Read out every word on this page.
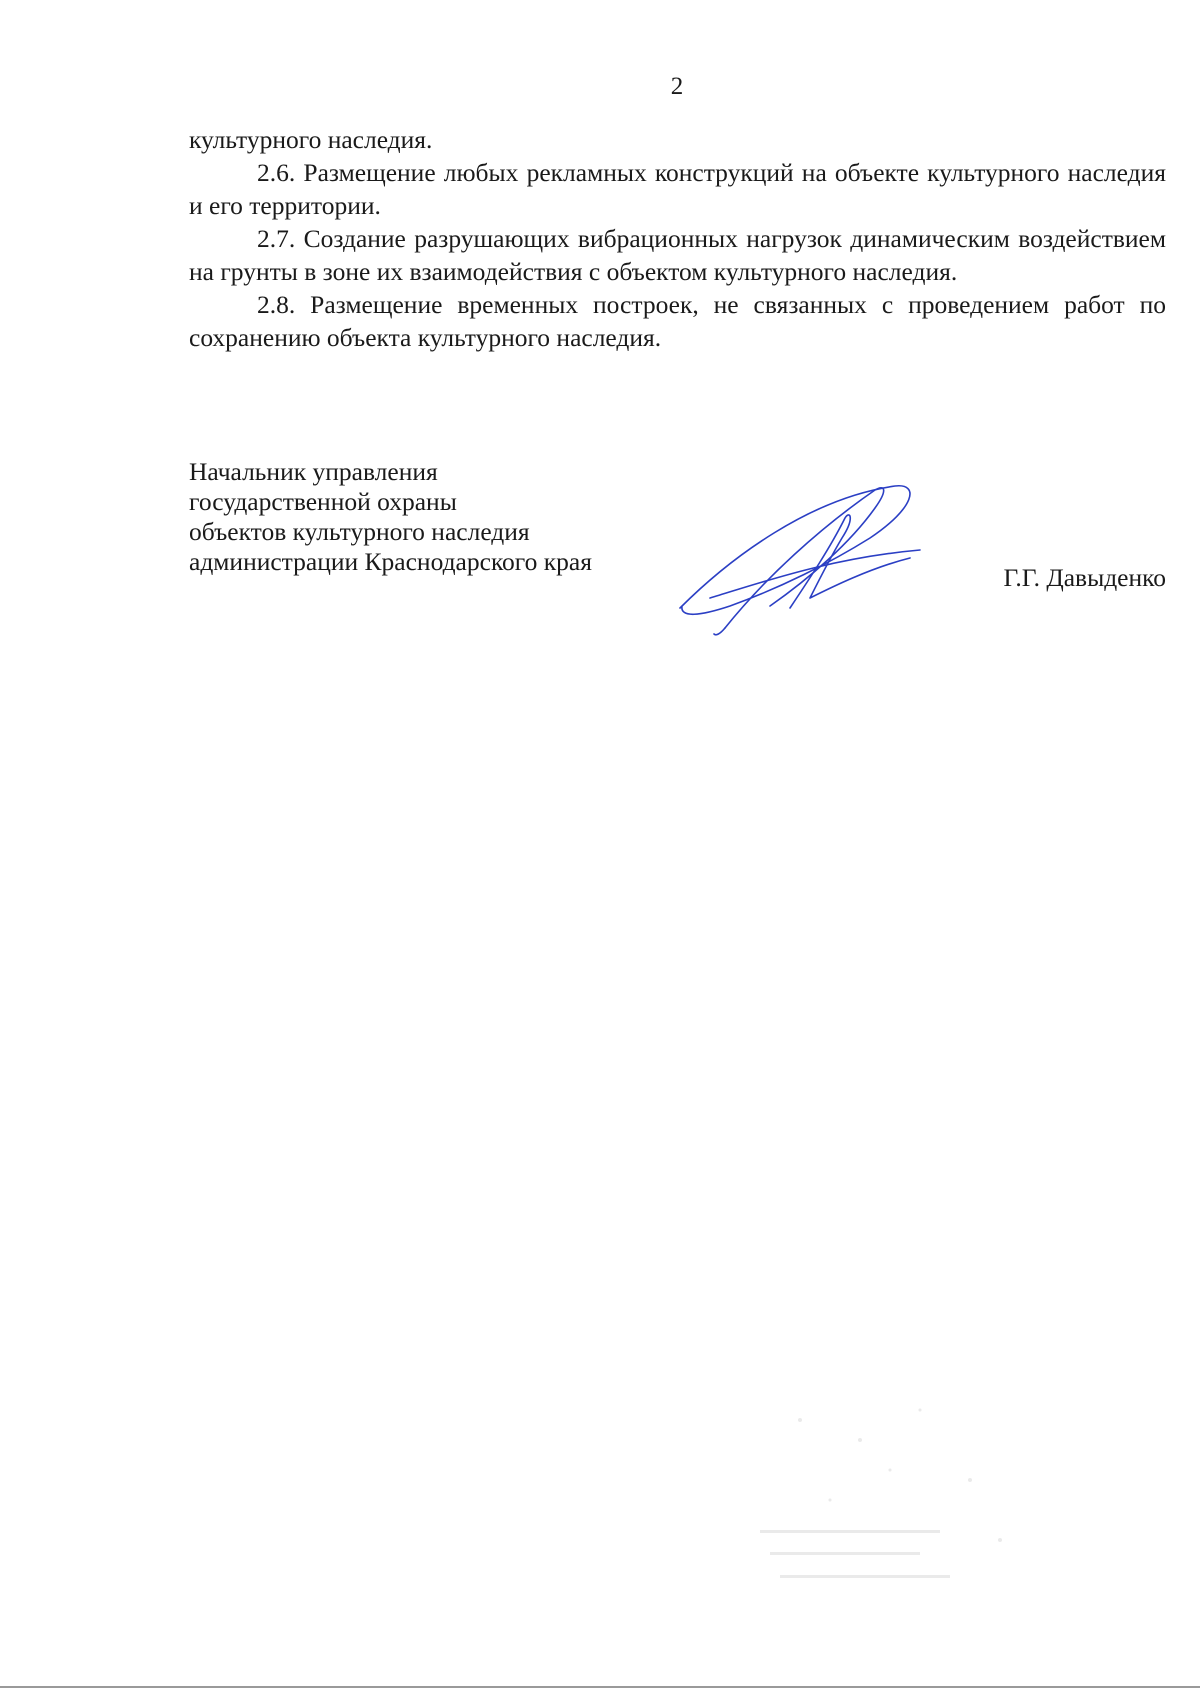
2

культурного наследия.

2.6. Размещение любых рекламных конструкций на объекте культурного наследия и его территории.

2.7. Создание разрушающих вибрационных нагрузок динамическим воздействием на грунты в зоне их взаимодействия с объектом культурного наследия.

2.8. Размещение временных построек, не связанных с проведением работ по сохранению объекта культурного наследия.

Начальник управления
государственной охраны
объектов культурного наследия
администрации Краснодарского края
Г.Г. Давыденко
